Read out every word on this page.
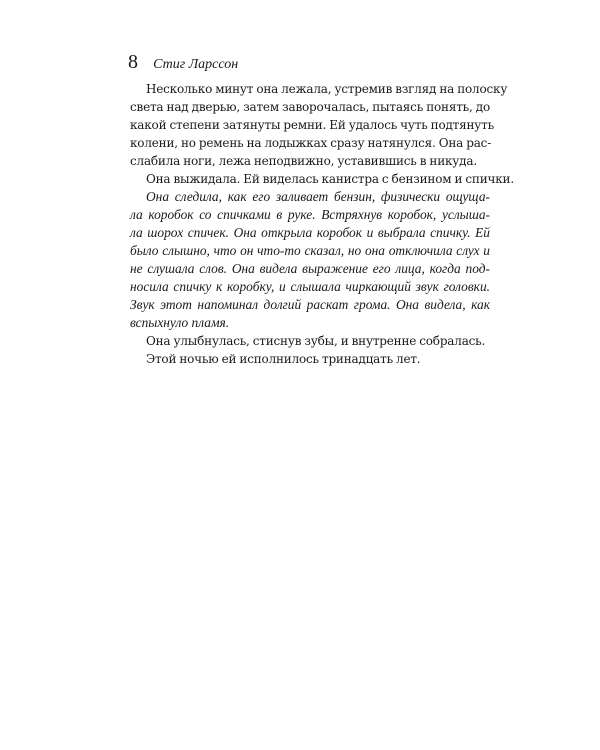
8 Стиг Ларссон

Несколько минут она лежала, устремив взгляд на полоску
света над дверью, затем заворочалась, пытаясь понять, до
какой степени затянуты ремни. Ей удалось чуть подтянуть
колени, но ремень на лодыжках сразу натянулся. Она рас-
слабила ноги, лежа неподвижно, уставившись в никуда.

Она выжидала. Ей виделась канистра с бензином и спички.

Она следила, как его заливает бензин, физически ощуща-
ла коробок со спичками в руке. Встряхнув коробок, услыша-
ла шорох спичек. Она открыла коробок и выбрала спичку. Ей
было слышно, что он что-то сказал, но она отключила слух и
не слушала слов. Она видела выражение его лица, когда под-
носила спичку к коробку, и слышала чиркающий звук головки.
Звук этот напоминал долгий раскат грома. Она видела, как
вспыхнуло пламя.

Она улыбнулась, стиснув зубы, и внутренне собралась.

Этой ночью ей исполнилось тринадцать лет.
